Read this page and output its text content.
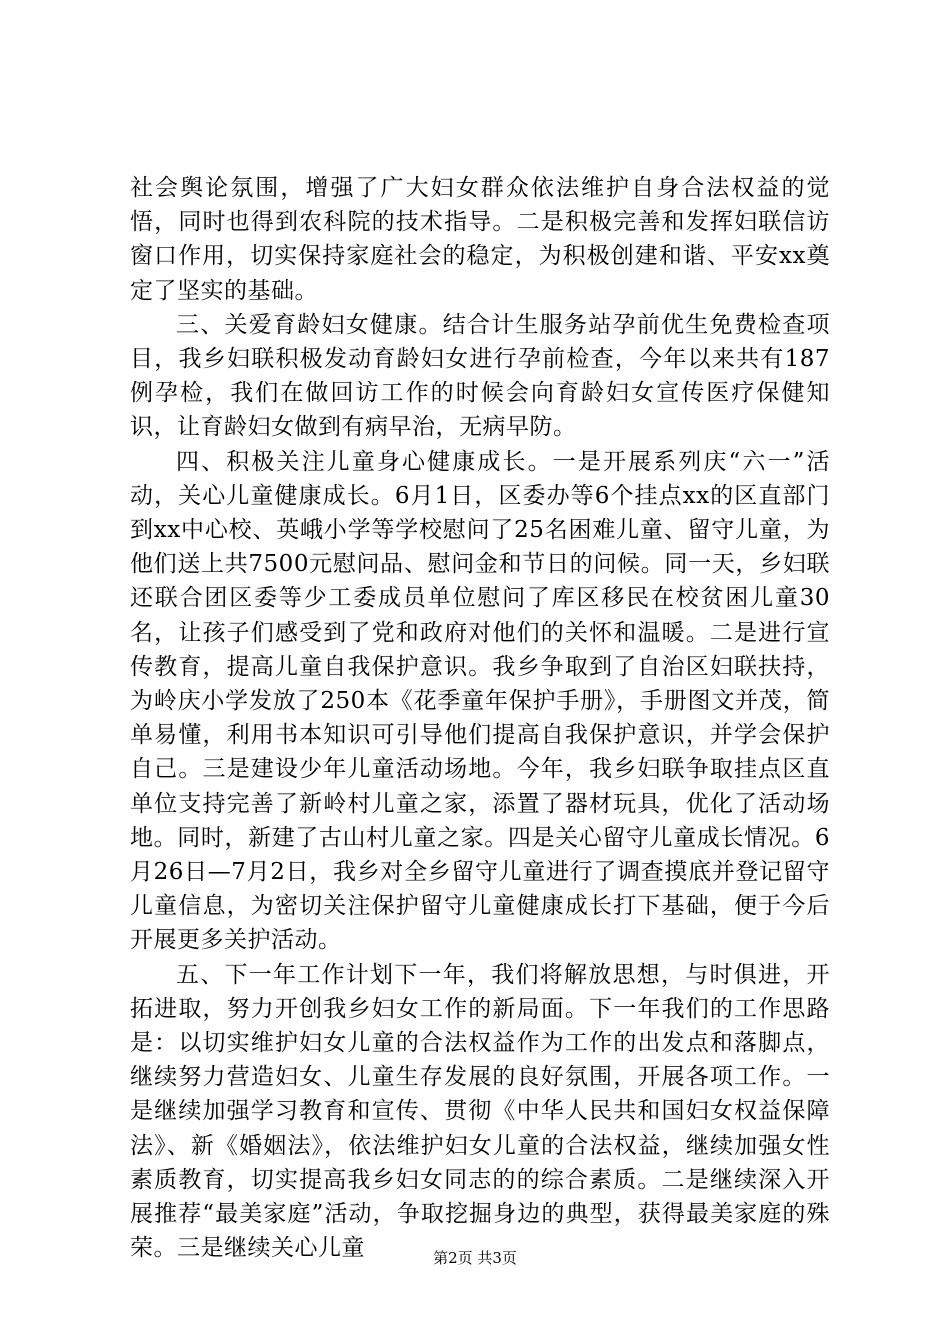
社会舆论氛围，增强了广大妇女群众依法维护自身合法权益的觉悟，同时也得到农科院的技术指导。二是积极完善和发挥妇联信访窗口作用，切实保持家庭社会的稳定，为积极创建和谐、平安xx奠定了坚实的基础。

三、关爱育龄妇女健康。结合计生服务站孕前优生免费检查项目，我乡妇联积极发动育龄妇女进行孕前检查，今年以来共有187例孕检，我们在做回访工作的时候会向育龄妇女宣传医疗保健知识，让育龄妇女做到有病早治，无病早防。

四、积极关注儿童身心健康成长。一是开展系列庆“六一”活动，关心儿童健康成长。6月1日，区委办等6个挂点xx的区直部门到xx中心校、英峨小学等学校慰问了25名困难儿童、留守儿童，为他们送上共7500元慰问品、慰问金和节日的问候。同一天，乡妇联还联合团区委等少工委成员单位慰问了库区移民在校贫困儿童30名，让孩子们感受到了党和政府对他们的关怀和温暖。二是进行宣传教育，提高儿童自我保护意识。我乡争取到了自治区妇联扶持，为岭庆小学发放了250本《花季童年保护手册》，手册图文并茂，简单易懂，利用书本知识可引导他们提高自我保护意识，并学会保护自己。三是建设少年儿童活动场地。今年，我乡妇联争取挂点区直单位支持完善了新岭村儿童之家，添置了器材玩具，优化了活动场地。同时，新建了古山村儿童之家。四是关心留守儿童成长情况。6月26日—7月2日，我乡对全乡留守儿童进行了调查摸底并登记留守儿童信息，为密切关注保护留守儿童健康成长打下基础，便于今后开展更多关护活动。

五、下一年工作计划下一年，我们将解放思想，与时俱进，开拓进取，努力开创我乡妇女工作的新局面。下一年我们的工作思路是：以切实维护妇女儿童的合法权益作为工作的出发点和落脚点，继续努力营造妇女、儿童生存发展的良好氛围，开展各项工作。一是继续加强学习教育和宣传、贯彻《中华人民共和国妇女权益保障法》、新《婚姻法》，依法维护妇女儿童的合法权益，继续加强女性素质教育，切实提高我乡妇女同志的的综合素质。二是继续深入开展推荐“最美家庭”活动，争取挖掘身边的典型，获得最美家庭的殊荣。三是继续关心儿童	第2页 共3页
